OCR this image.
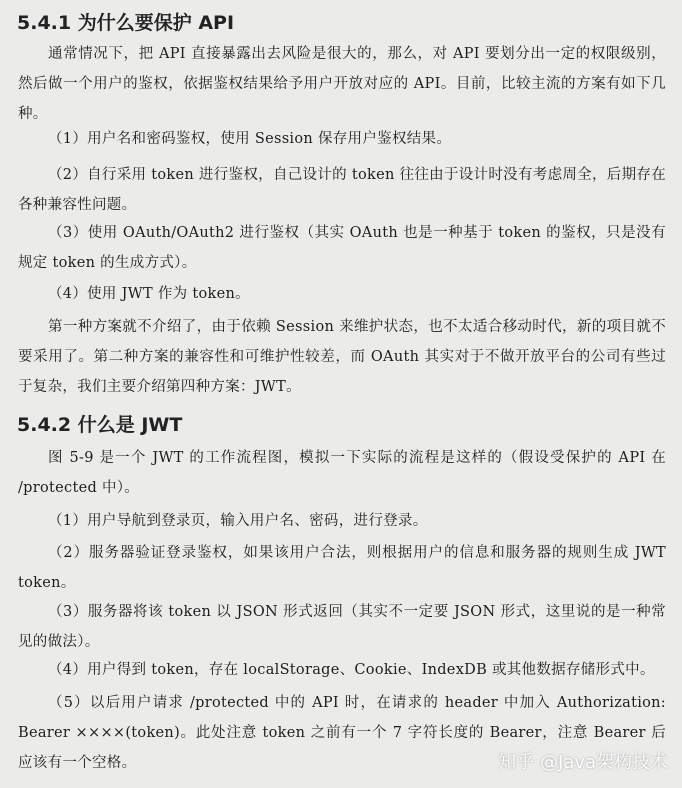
5.4.1 为什么要保护 API
通常情况下，把 API 直接暴露出去风险是很大的，那么，对 API 要划分出一定的权限级别，然后做一个用户的鉴权，依据鉴权结果给予用户开放对应的 API。目前，比较主流的方案有如下几种。
（1）用户名和密码鉴权，使用 Session 保存用户鉴权结果。
（2）自行采用 token 进行鉴权，自己设计的 token 往往由于设计时没有考虑周全，后期存在各种兼容性问题。
（3）使用 OAuth/OAuth2 进行鉴权（其实 OAuth 也是一种基于 token 的鉴权，只是没有规定 token 的生成方式）。
（4）使用 JWT 作为 token。
第一种方案就不介绍了，由于依赖 Session 来维护状态，也不太适合移动时代，新的项目就不要采用了。第二种方案的兼容性和可维护性较差，而 OAuth 其实对于不做开放平台的公司有些过于复杂，我们主要介绍第四种方案：JWT。
5.4.2 什么是 JWT
图 5-9 是一个 JWT 的工作流程图，模拟一下实际的流程是这样的（假设受保护的 API 在 /protected 中）。
（1）用户导航到登录页，输入用户名、密码，进行登录。
（2）服务器验证登录鉴权，如果该用户合法，则根据用户的信息和服务器的规则生成 JWT token。
（3）服务器将该 token 以 JSON 形式返回（其实不一定要 JSON 形式，这里说的是一种常见的做法）。
（4）用户得到 token，存在 localStorage、Cookie、IndexDB 或其他数据存储形式中。
（5）以后用户请求 /protected 中的 API 时，在请求的 header 中加入 Authorization: Bearer ××××(token)。此处注意 token 之前有一个 7 字符长度的 Bearer，注意 Bearer 后应该有一个空格。	知乎 @Java架构技术
